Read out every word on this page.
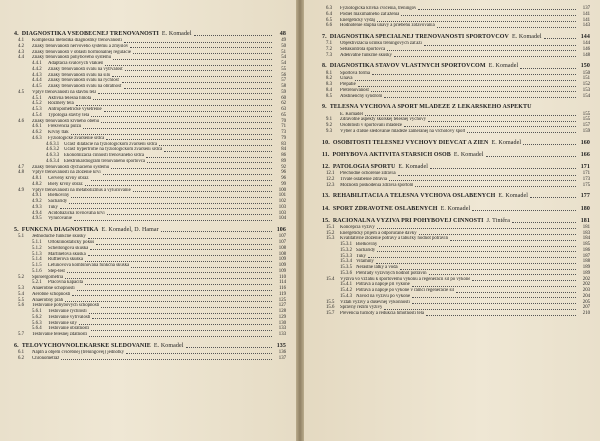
4. DIAGNOSTIKA VŠEOBECNEJ TRÉNOVANOSTI E. Komadel	48
4.1	Komplexná metodika diagnostiky trénovanosti	49
4.2	Znaky trénovanosti nervového systému a zmyslov	50
4.3	Znaky trénovanosti v oblasti hormonálnej regulácie	51
4.4	Znaky trénovanosti pohybového systému	54
4.4.1	Adaptácia svalových vlákien	54
4.4.2	Znaky trénovanosti svalu na vytrvalosť	55
4.4.3	Znaky trénovanosti svalu na silu	56
4.4.4	Znaky trénovanosti svalu na rýchlosť	57
4.4.5	Znaky trénovanosti svalu na obratnosť	58
4.5	Vplyv trénovanosti na stavbu tela	59
4.5.1	Aktívna telesná hmota	60
4.5.2	Rozmery tela	62
4.5.3	Antropometrické vyšetrenie	63
4.5.4	Typológia stavby tela	65
4.6	Znaky trénovanosti krvného obehu	70
4.6.1	Frekvencia pulzu	71
4.6.2	Krvný tlak	73
4.6.3	Fyziologické zväčšenie srdca	79
4.6.3.1 Účasť dilatácie na fyziologickom zväčšení srdca	83
4.6.3.2 Účasť hypertrofie na fyziologickom zväčšení srdca	84
4.6.3.3 Ekonomizácia činnosti trénovaného srdca	86
4.6.3.4 Elektrokardiogram trénovaného športovca	89
4.7	Znaky trénovanosti dýchacieho systému	92
4.8	Vplyv trénovanosti na zloženie krvi	96
4.8.1	Červený krvný obraz	96
4.8.2	Biely krvný obraz	99
4.9	Vplyv trénovanosti na metabolizmus a vylučovanie	100
4.9.1	Bielkoviny	101
4.9.2	Sacharidy	102
4.9.3	Tuky	103
4.9.4	Acidobázická rovnováha krvi	103
4.9.5	Vylučovanie	104
5. FUNKČNÁ DIAGNOSTIKA E. Komadel, D. Hamar	106
5.1	Jednoduché funkčné skúšky	107
5.1.1	Ortoklinostatický pokus	107
5.1.2	Schellongova skúška	108
5.1.3	Martinetova skúška	108
5.1.4	Ruffierova skúška	109
5.1.5	Letunovova kombinovaná funkčná skúška	109
5.1.6	Step-test	109
5.2	Spiroergometria	110
5.2.1	Pracovná kapacita	114
5.3	Anaeróbne schopnosti	116
5.4	Aeróbne schopnosti	119
5.5	Anaeróbny prah	125
5.6	Testovanie pohybových schopností	127
5.6.1	Testovanie rýchlosti	128
5.6.2	Testovanie vytrvalosti	129
5.6.3	Testovanie sily	130
5.6.4	Testovanie obratnosti	133
5.7	Testovanie telesnej zdatnosti	133
6. TELOVÝCHOVNOLEKÁRSKE SLEDOVANIE E. Komadel	135
6.1	Náplň a objem cvičebnej (tréningovej) jednotky	136
6.2	Chronometráž	137
6.3	Fyziologická krivka cvičenia, tréningov	137
6.4	Podiel maximálneho zaťaženia	141
6.5	Energetický výdaj	141
6.6	Hodnotenie stupňa únavy a priebehu zotavovania	143
7. DIAGNOSTIKA ŠPECIÁLNEJ TRÉNOVANOSTI ŠPORTOVCOV E. Komadel	144
7.1	Objektivizácia účinku tréningových záťaží	144
7.2	Sebakontrola športovca	146
7.3	Adekvátne funkčné skúšky	148
8. DIAGNOSTIKA STAVOV VLASTNÝCH ŠPORTOVCOM E. Komadel	150
8.1	Športová forma	150
8.2	Únava	151
8.3	Prepätie	152
8.4	Pretrénovanost	153
8.5	Abstinenčný syndróm	154
9. TELESNÁ VÝCHOVA A ŠPORT MLÁDEŽE Z LEKÁRSKEHO ASPEKTU
E. Komadel	155
9.1	Zdravotné aspekty školskej telesnej výchovy	155
9.2	Osobitosti v športovaní mládeže	157
9.3	Výber a ďalšie sledovanie mládeže zameranej na vrcholový šport	159
10. OSOBITOSTI TELESNEJ VÝCHOVY DIEVČAT A ŽIEN E. Komadel	160
11. POHYBOVÁ AKTIVITA STARŠÍCH OSÔB E. Komadel	166
12. PATOLÓGIA ŠPORTU E. Komadel	171
12.1	Prechodné ochorenie zdravia	171
12.2	Trvalé oslabenie zdravia	173
12.3	Možnosti poškodenia zdravia športom	175
13. REHABILITÁCIA A TELESNÁ VÝCHOVA OSLABENÝCH E. Komadel	177
14. ŠPORT ZDRAVOTNE OSLABENÝCH E. Komadel	180
15. RACIONÁLNA VÝŽIVA PRI POHYBOVEJ ČINNOSTI J. Tintěra	181
15.1	Koncepcia výživy	181
15.2	Energetický príjem a odporúčané dávky	183
15.3	Kvalitatívne zloženie potravy a tabuľky hodnôt potravín	184
15.3.1 Bielkoviny	185
15.3.2 Sacharidy	186
15.3.3 Tuky	187
15.3.4 Vitamíny	188
15.3.5 Nerastné látky a voda	189
15.3.6 Prehľady výživných hodnôt potravín	189
15.4	Výživa vo vzťahu k športovému výkonu a regenerácii sil po výkone	202
15.4.1 Potrava a nápoje pri výkone	202
15.4.2 Potrava a nápoje po výkone v rámci regenerácie síl	203
15.4.3 Návod na výživu po výkone	204
15.5	Vztah výživy a duševnej výkonnosti	205
15.6	Správny režim výživy	207
15.7	Prevencia tučnoty a redukcia hmotnosti tela	210
